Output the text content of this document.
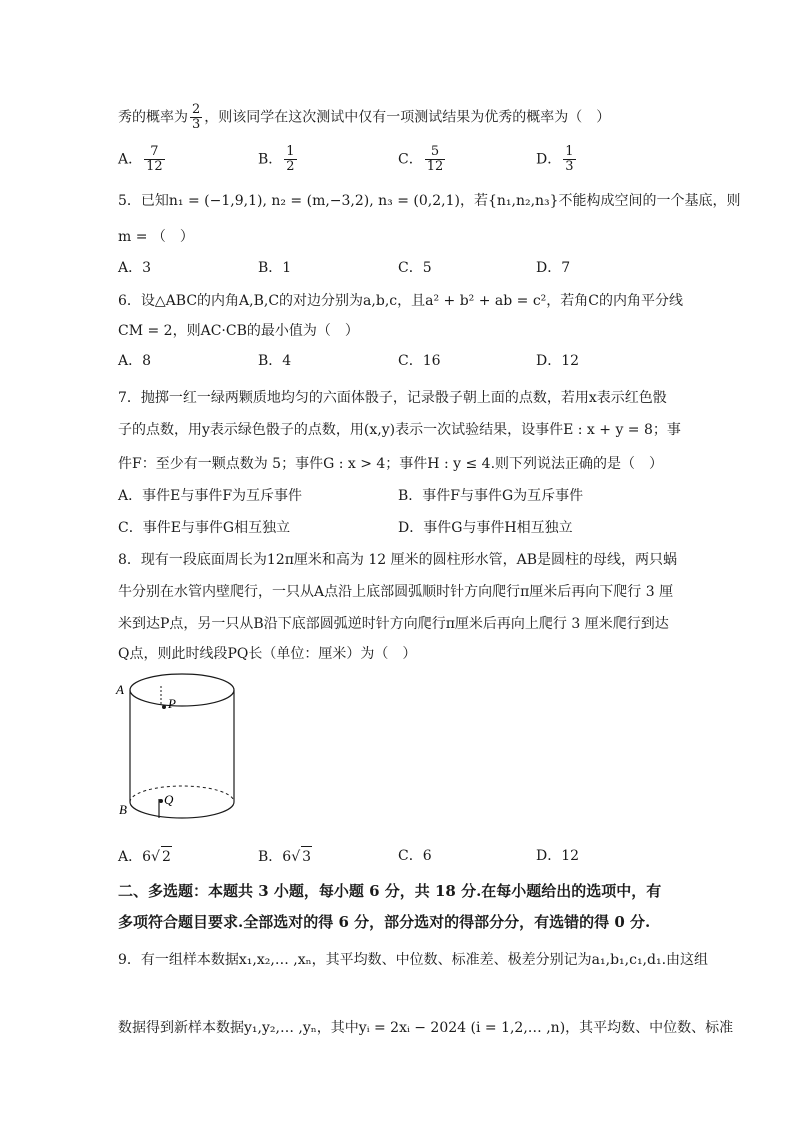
秀的概率为 $\frac{2}{3}$ ，则该同学在这次测试中仅有一项测试结果为优秀的概率为（　）
A． $\frac{7}{12}$	B． $\frac{1}{2}$	C． $\frac{5}{12}$	D． $\frac{1}{3}$
5．已知n₁ = (−1,9,1), n₂ = (m,−3,2), n₃ = (0,2,1)，若{n₁,n₂,n₃}不能构成空间的一个基底，则
m = （　）
A．3	B．1	C．5	D．7
6．设△ABC的内角A,B,C的对边分别为a,b,c，且a² + b² + ab = c²，若角C的内角平分线
CM = 2，则AC·CB的最小值为（　）
A．8	B．4	C．16	D．12
7．抛掷一红一绿两颗质地均匀的六面体骰子，记录骰子朝上面的点数，若用x表示红色骰
子的点数，用y表示绿色骰子的点数，用(x,y)表示一次试验结果，设事件E : x + y = 8；事
件F：至少有一颗点数为 5；事件G : x > 4；事件H : y ≤ 4.则下列说法正确的是（　）
A．事件E与事件F为互斥事件	B．事件F与事件G为互斥事件
C．事件E与事件G相互独立	D．事件G与事件H相互独立
8．现有一段底面周长为12π厘米和高为 12 厘米的圆柱形水管，AB是圆柱的母线，两只蜗
牛分别在水管内壁爬行，一只从A点沿上底部圆弧顺时针方向爬行π厘米后再向下爬行 3 厘
米到达P点，另一只从B沿下底部圆弧逆时针方向爬行π厘米后再向上爬行 3 厘米爬行到达
Q点，则此时线段PQ长（单位：厘米）为（　）
A
P
Q
B
A．6√ 2	B．6√ 3	C．6	D．12
二、多选题：本题共 3 小题，每小题 6 分，共 18 分.在每小题给出的选项中，有
多项符合题目要求.全部选对的得 6 分，部分选对的得部分分，有选错的得 0 分.
9．有一组样本数据x₁,x₂,… ,xₙ，其平均数、中位数、标准差、极差分别记为a₁,b₁,c₁,d₁.由这组
数据得到新样本数据y₁,y₂,… ,yₙ，其中yᵢ = 2xᵢ − 2024 (i = 1,2,… ,n)，其平均数、中位数、标准
